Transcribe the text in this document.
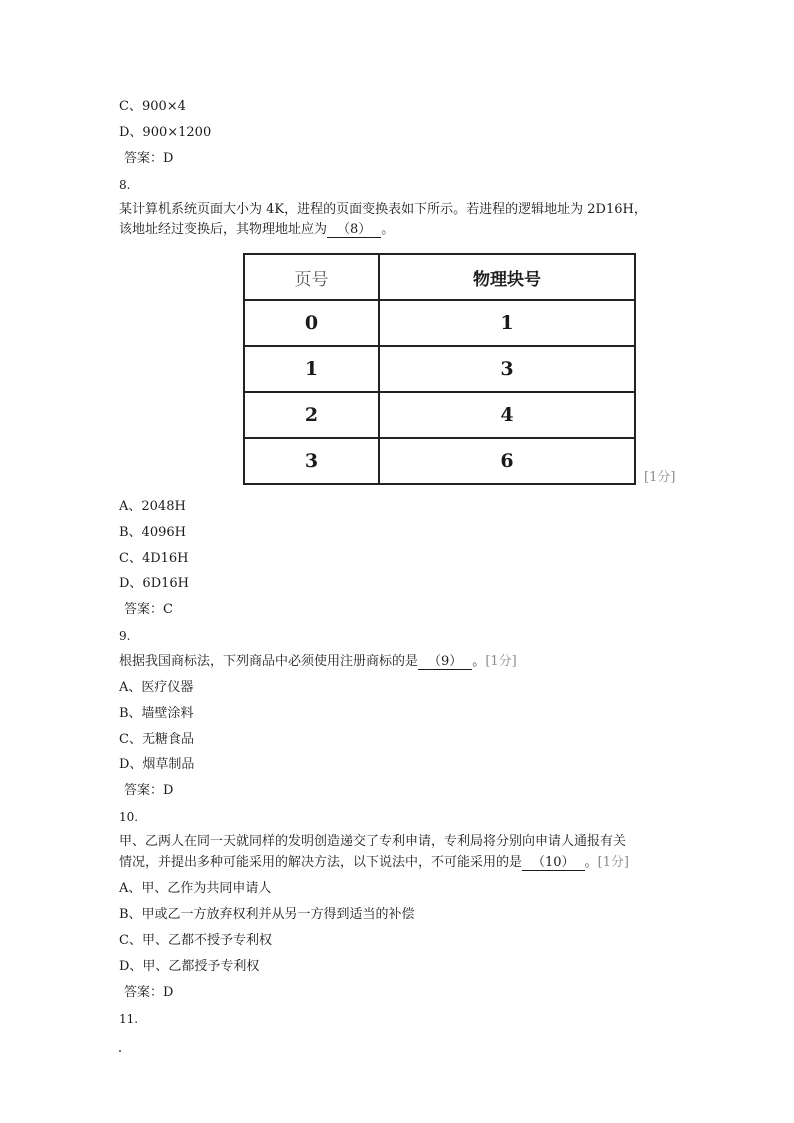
C、900×4
D、900×1200
答案：D
8.
某计算机系统页面大小为 4K，进程的页面变换表如下所示。若进程的逻辑地址为 2D16H，
该地址经过变换后，其物理地址应为 （8） 。
页号	物理块号
0	1
1	3
2	4
3	6
[1分]
A、2048H
B、4096H
C、4D16H
D、6D16H
答案：C
9.
根据我国商标法，下列商品中必须使用注册商标的是 （9） 。[1分]
A、医疗仪器
B、墙壁涂料
C、无糖食品
D、烟草制品
答案：D
10.
甲、乙两人在同一天就同样的发明创造递交了专利申请，专利局将分别向申请人通报有关
情况，并提出多种可能采用的解决方法，以下说法中，不可能采用的是 （10） 。[1分]
A、甲、乙作为共同申请人
B、甲或乙一方放弃权利并从另一方得到适当的补偿
C、甲、乙都不授予专利权
D、甲、乙都授予专利权
答案：D
11.
